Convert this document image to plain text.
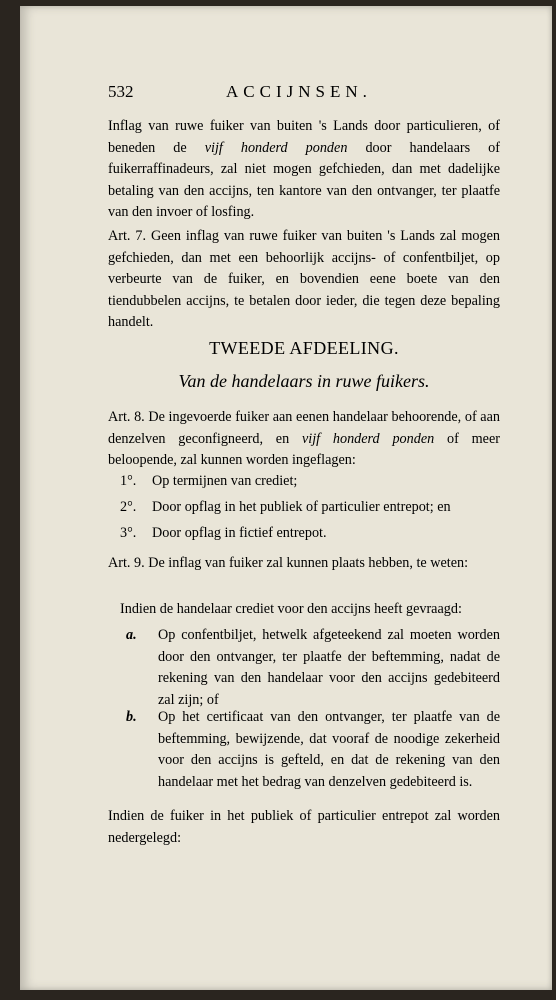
532	ACCIJNSEN.
Inflag van ruwe fuiker van buiten 's Lands door particulieren, of beneden de vijf honderd ponden door handelaars of fuikerraffinadeurs, zal niet mogen gefchieden, dan met dadelijke betaling van den accijns, ten kantore van den ontvanger, ter plaatfe van den invoer of losfing.
Art. 7. Geen inflag van ruwe fuiker van buiten 's Lands zal mogen gefchieden, dan met een behoorlijk accijns- of confentbiljet, op verbeurte van de fuiker, en bovendien eene boete van den tiendubbelen accijns, te betalen door ieder, die tegen deze bepaling handelt.
TWEEDE AFDEELING.
Van de handelaars in ruwe fuikers.
Art. 8. De ingevoerde fuiker aan eenen handelaar behoorende, of aan denzelven geconfigneerd, en vijf honderd ponden of meer beloopende, zal kunnen worden ingeflagen:
1°. Op termijnen van crediet;
2°. Door opflag in het publiek of particulier entrepot; en
3°. Door opflag in fictief entrepot.
Art. 9. De inflag van fuiker zal kunnen plaats hebben, te weten:
Indien de handelaar crediet voor den accijns heeft gevraagd:
a. Op confentbiljet, hetwelk afgeteekend zal moeten worden door den ontvanger, ter plaatfe der beftemming, nadat de rekening van den handelaar voor den accijns gedebiteerd zal zijn; of
b. Op het certificaat van den ontvanger, ter plaatfe van de beftemming, bewijzende, dat vooraf de noodige zekerheid voor den accijns is gefteld, en dat de rekening van den handelaar met het bedrag van denzelven gedebiteerd is.
Indien de fuiker in het publiek of particulier entrepot zal worden nedergelegd:
